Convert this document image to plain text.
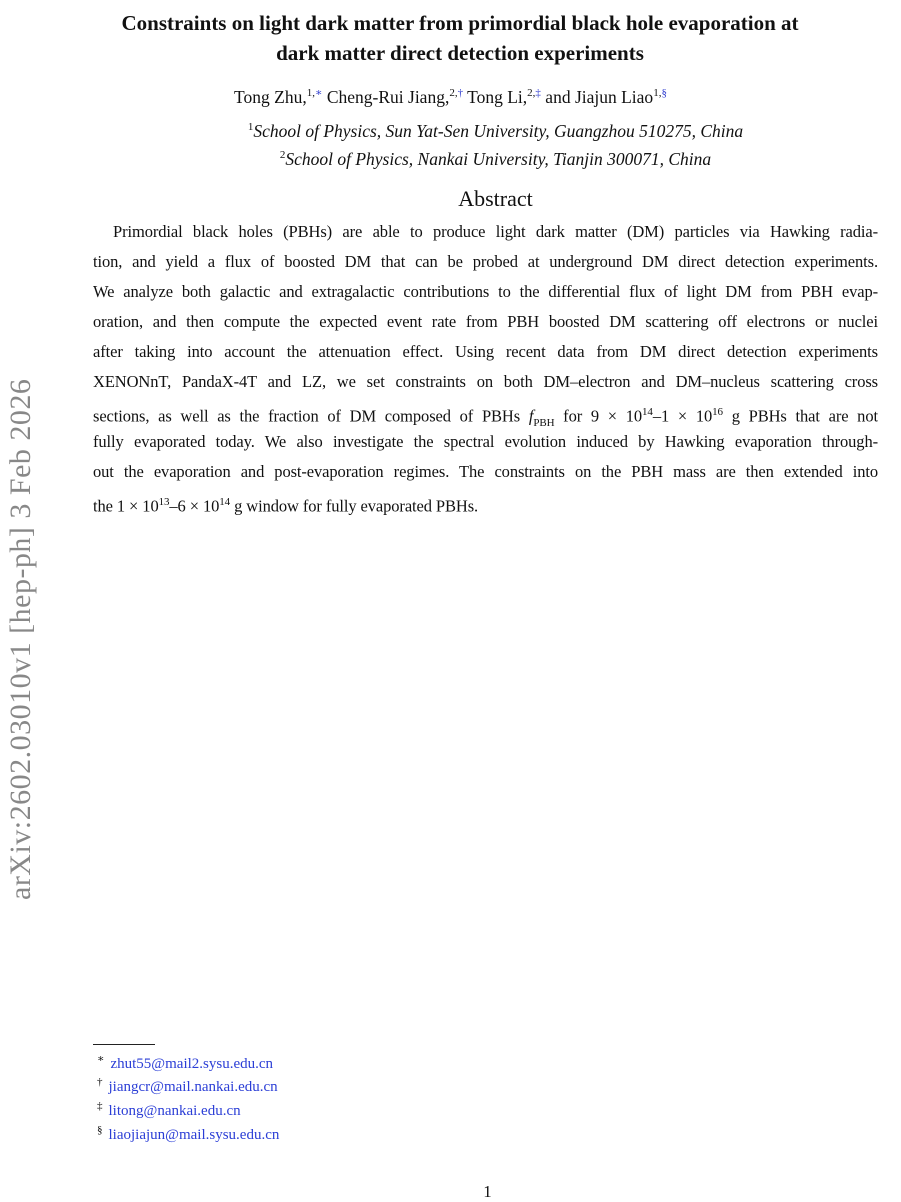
Constraints on light dark matter from primordial black hole evaporation at
dark matter direct detection experiments
Tong Zhu,$^{1,∗}$ Cheng-Rui Jiang,$^{2,\dagger}$ Tong Li,$^{2,\ddagger}$ and Jiajun Liao$^{1,\S}$
$^1$School of Physics, Sun Yat-Sen University, Guangzhou 510275, China
$^2$School of Physics, Nankai University, Tianjin 300071, China
Abstract
Primordial black holes (PBHs) are able to produce light dark matter (DM) particles via Hawking radia-
tion, and yield a flux of boosted DM that can be probed at underground DM direct detection experiments.
We analyze both galactic and extragalactic contributions to the differential flux of light DM from PBH evap-
oration, and then compute the expected event rate from PBH boosted DM scattering off electrons or nuclei
after taking into account the attenuation effect. Using recent data from DM direct detection experiments
XENONnT, PandaX-4T and LZ, we set constraints on both DM–electron and DM–nucleus scattering cross
sections, as well as the fraction of DM composed of PBHs $f_{PBH}$ for $9 \times 10^{14}-1 \times 10^{16}$ g PBHs that are not
fully evaporated today. We also investigate the spectral evolution induced by Hawking evaporation through-
out the evaporation and post-evaporation regimes. The constraints on the PBH mass are then extended into
the $1 \times 10^{13}-6 \times 10^{14}$ g window for fully evaporated PBHs.
arXiv:2602.03010v1 [hep-ph] 3 Feb 2026
∗ zhut55@mail2.sysu.edu.cn
† jiangcr@mail.nankai.edu.cn
‡ litong@nankai.edu.cn
§ liaojiajun@mail.sysu.edu.cn
1
